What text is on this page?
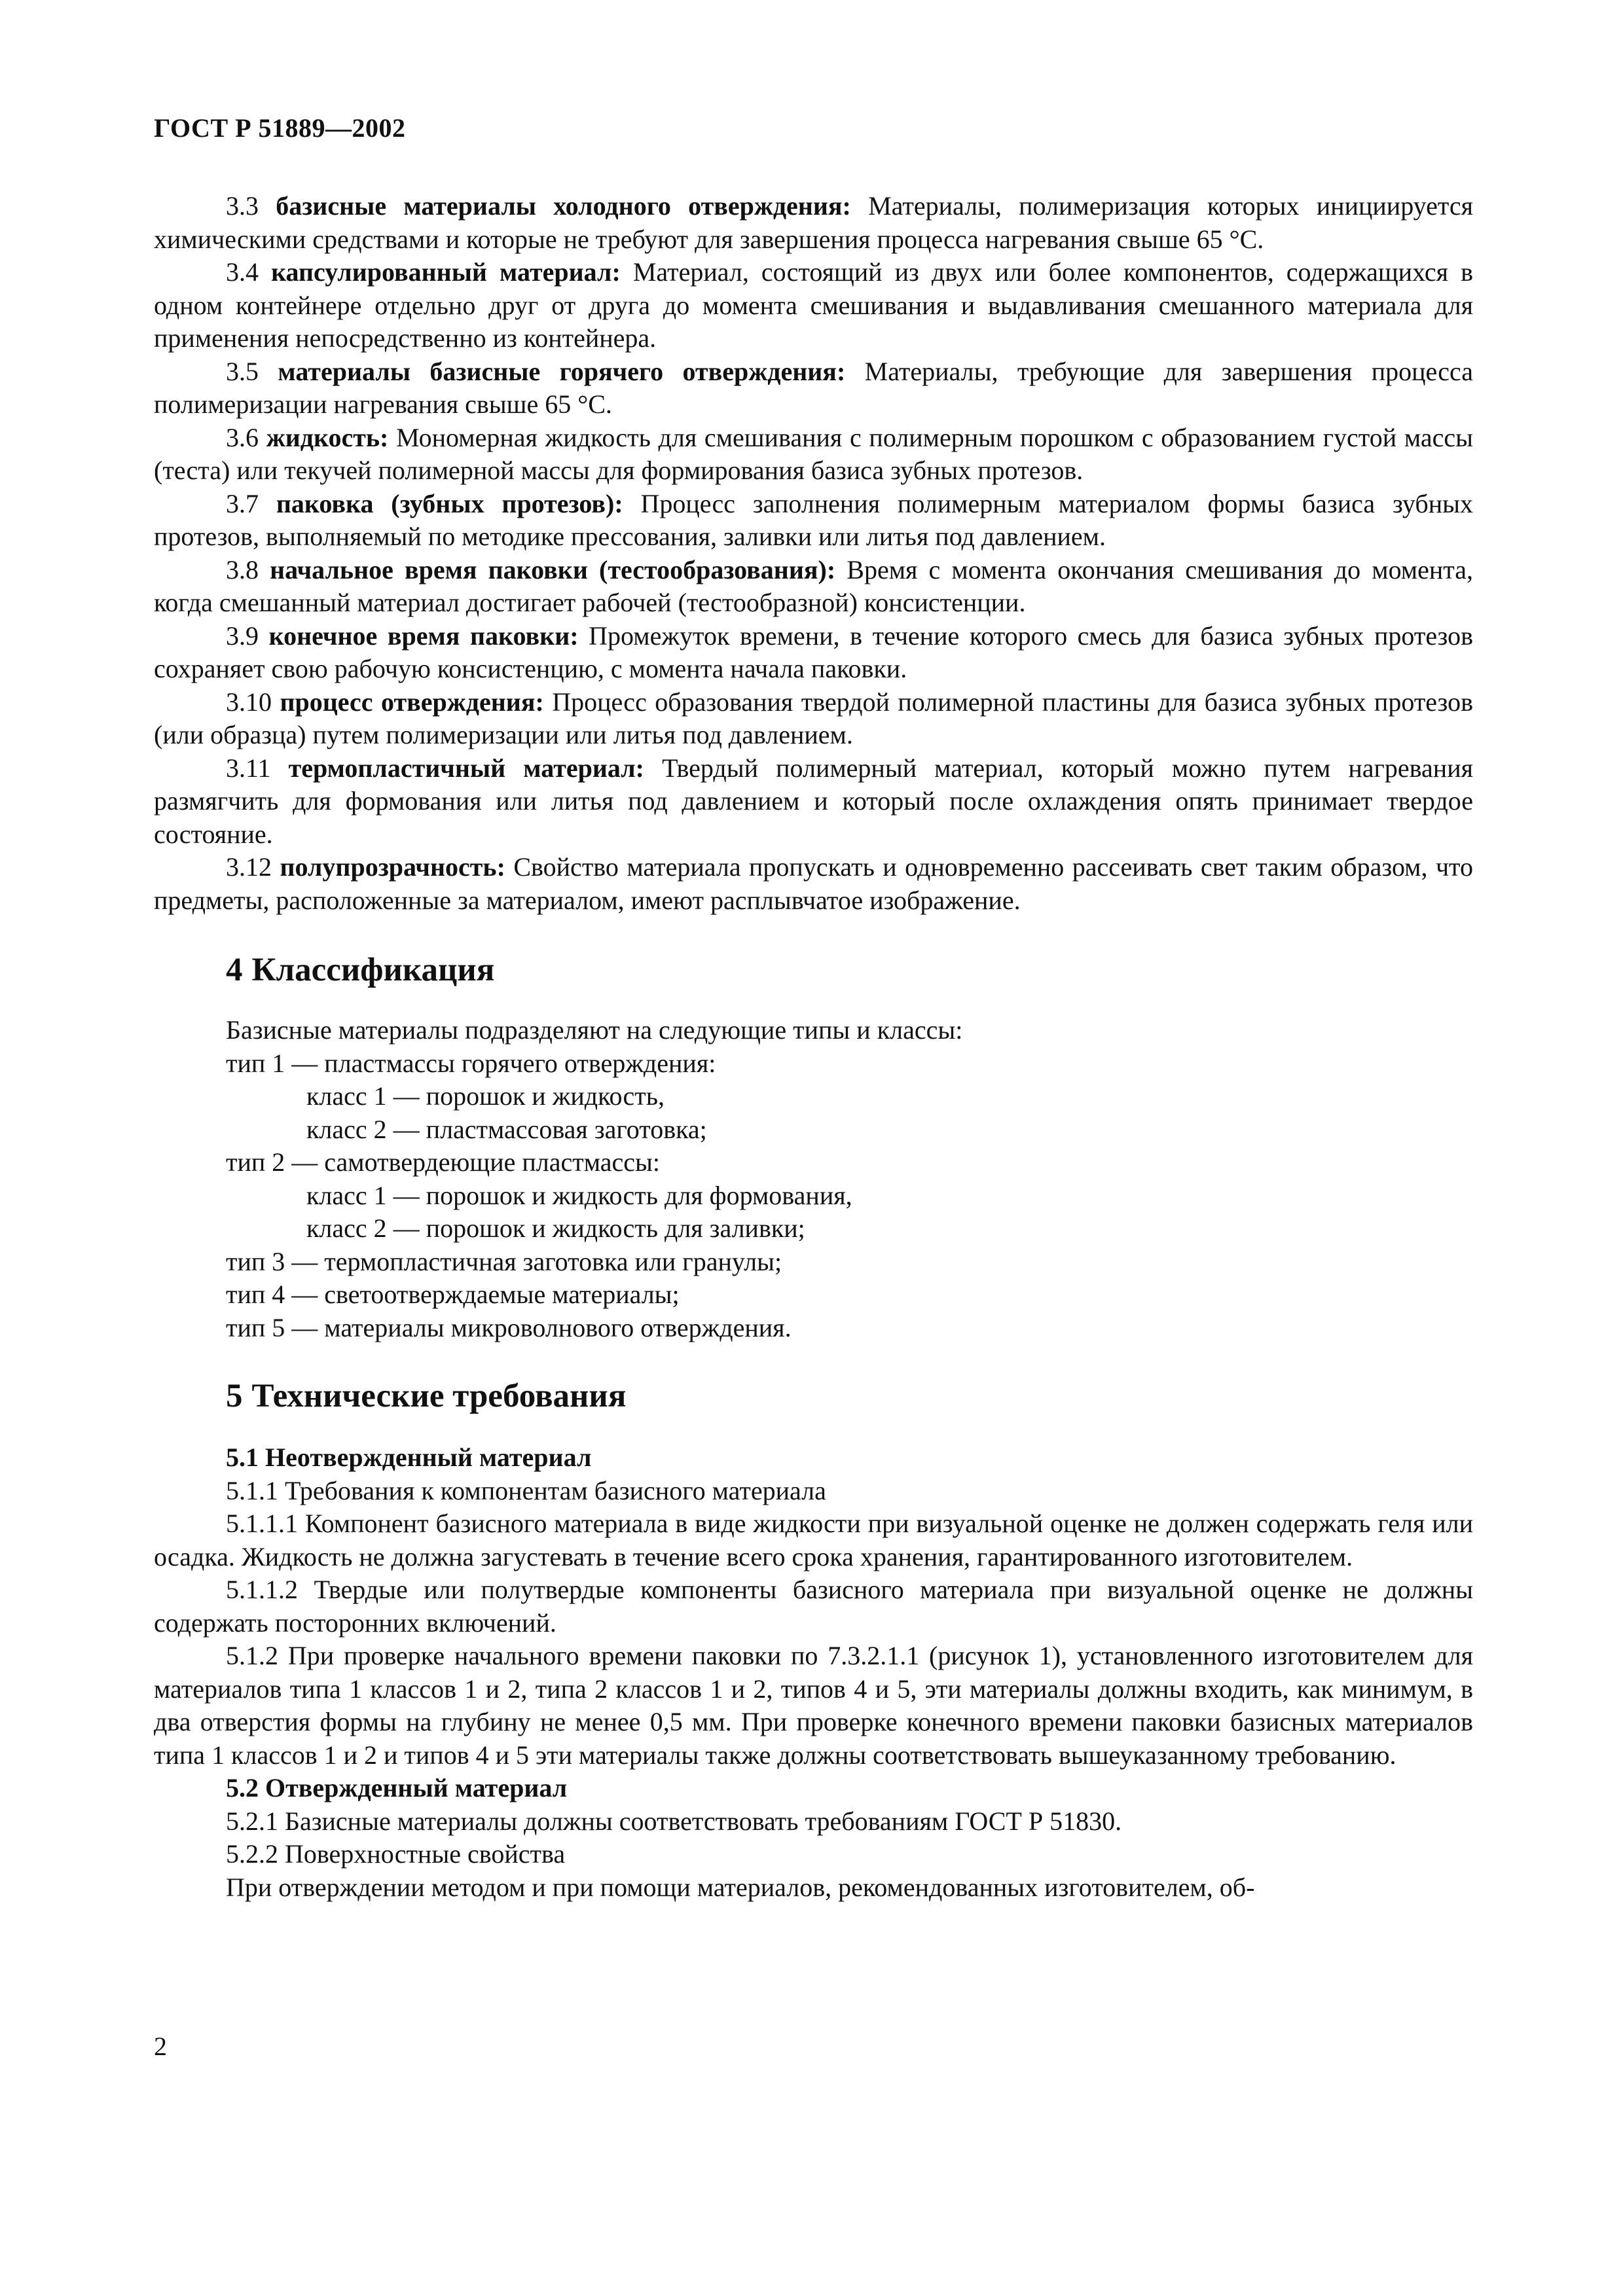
ГОСТ Р 51889—2002

3.3 базисные материалы холодного отверждения: Материалы, полимеризация которых инициируется химическими средствами и которые не требуют для завершения процесса нагревания свыше 65 °С.

3.4 капсулированный материал: Материал, состоящий из двух или более компонентов, содержащихся в одном контейнере отдельно друг от друга до момента смешивания и выдавливания смешанного материала для применения непосредственно из контейнера.

3.5 материалы базисные горячего отверждения: Материалы, требующие для завершения процесса полимеризации нагревания свыше 65 °С.

3.6 жидкость: Мономерная жидкость для смешивания с полимерным порошком с образованием густой массы (теста) или текучей полимерной массы для формирования базиса зубных протезов.

3.7 паковка (зубных протезов): Процесс заполнения полимерным материалом формы базиса зубных протезов, выполняемый по методике прессования, заливки или литья под давлением.

3.8 начальное время паковки (тестообразования): Время с момента окончания смешивания до момента, когда смешанный материал достигает рабочей (тестообразной) консистенции.

3.9 конечное время паковки: Промежуток времени, в течение которого смесь для базиса зубных протезов сохраняет свою рабочую консистенцию, с момента начала паковки.

3.10 процесс отверждения: Процесс образования твердой полимерной пластины для базиса зубных протезов (или образца) путем полимеризации или литья под давлением.

3.11 термопластичный материал: Твердый полимерный материал, который можно путем нагревания размягчить для формования или литья под давлением и который после охлаждения опять принимает твердое состояние.

3.12 полупрозрачность: Свойство материала пропускать и одновременно рассеивать свет таким образом, что предметы, расположенные за материалом, имеют расплывчатое изображение.

4 Классификация

Базисные материалы подразделяют на следующие типы и классы:

тип 1 — пластмассы горячего отверждения:

класс 1 — порошок и жидкость,

класс 2 — пластмассовая заготовка;

тип 2 — самотвердеющие пластмассы:

класс 1 — порошок и жидкость для формования,

класс 2 — порошок и жидкость для заливки;

тип 3 — термопластичная заготовка или гранулы;

тип 4 — светоотверждаемые материалы;

тип 5 — материалы микроволнового отверждения.

5 Технические требования

5.1 Неотвержденный материал

5.1.1 Требования к компонентам базисного материала

5.1.1.1 Компонент базисного материала в виде жидкости при визуальной оценке не должен содержать геля или осадка. Жидкость не должна загустевать в течение всего срока хранения, гарантированного изготовителем.

5.1.1.2 Твердые или полутвердые компоненты базисного материала при визуальной оценке не должны содержать посторонних включений.

5.1.2 При проверке начального времени паковки по 7.3.2.1.1 (рисунок 1), установленного изготовителем для материалов типа 1 классов 1 и 2, типа 2 классов 1 и 2, типов 4 и 5, эти материалы должны входить, как минимум, в два отверстия формы на глубину не менее 0,5 мм. При проверке конечного времени паковки базисных материалов типа 1 классов 1 и 2 и типов 4 и 5 эти материалы также должны соответствовать вышеуказанному требованию.

5.2 Отвержденный материал

5.2.1 Базисные материалы должны соответствовать требованиям ГОСТ Р 51830.

5.2.2 Поверхностные свойства

При отверждении методом и при помощи материалов, рекомендованных изготовителем, об-

2
